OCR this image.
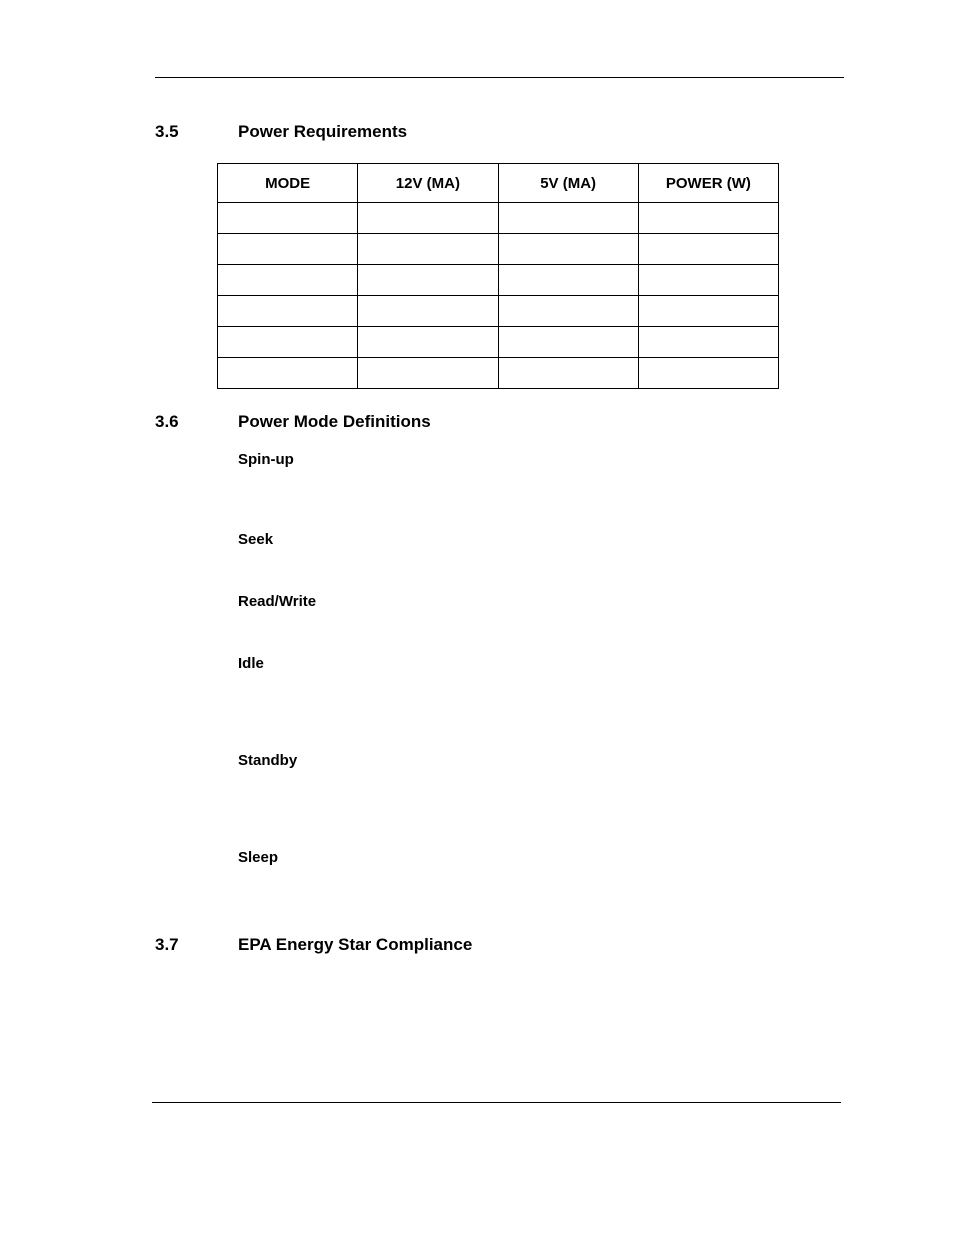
3.5	Power Requirements
MODE	12V (MA)	5V (MA)	POWER (W)

3.6	Power Mode Definitions
Spin-up
Seek
Read/Write
Idle
Standby
Sleep
3.7	EPA Energy Star Compliance
